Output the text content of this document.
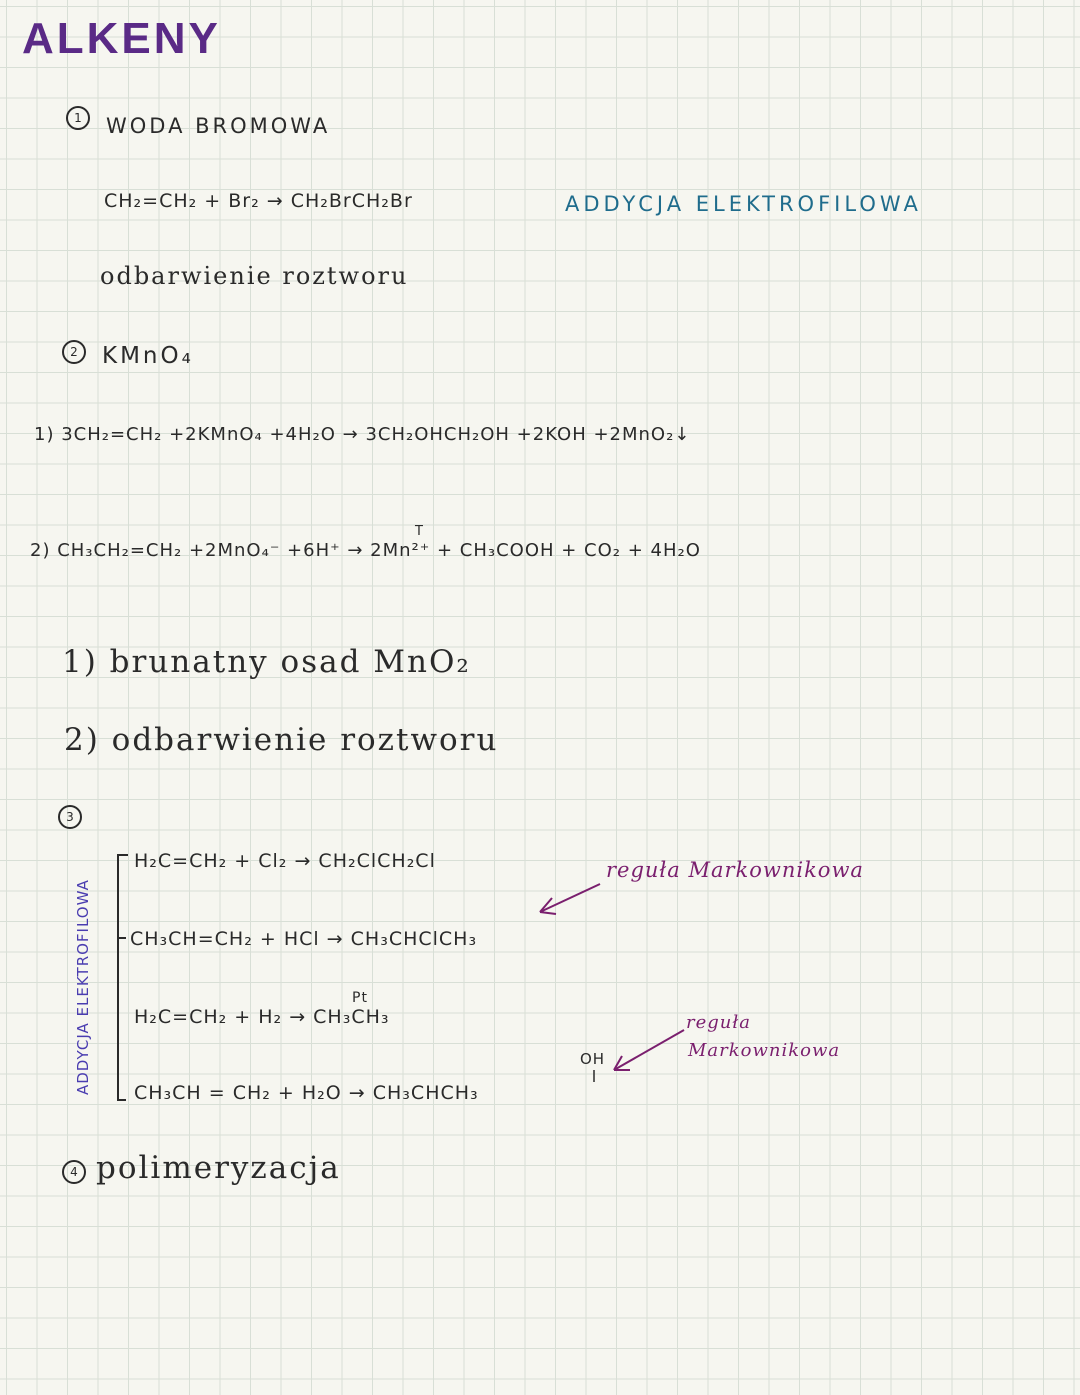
ALKENY
1	WODA BROMOWA
CH₂=CH₂ + Br₂ → CH₂BrCH₂Br	ADDYCJA ELEKTROFILOWA
odbarwienie roztworu
2	KMnO₄
1) 3CH₂=CH₂ +2KMnO₄ +4H₂O → 3CH₂OHCH₂OH +2KOH +2MnO₂↓
2) CH₃CH₂=CH₂ +2MnO₄⁻ +6H⁺ → 2Mn²⁺ + CH₃COOH + CO₂ + 4H₂O
T
1) brunatny osad MnO₂
2) odbarwienie roztworu
3
ADDYCJA ELEKTROFILOWA
H₂C=CH₂ + Cl₂ → CH₂ClCH₂Cl
CH₃CH=CH₂ + HCl → CH₃CHClCH₃
H₂C=CH₂ + H₂ → CH₃CH₃
Pt
CH₃CH = CH₂ + H₂O → CH₃CHCH₃
OH
reguła Markownikowa
reguła
Markownikowa
4 polimeryzacja
